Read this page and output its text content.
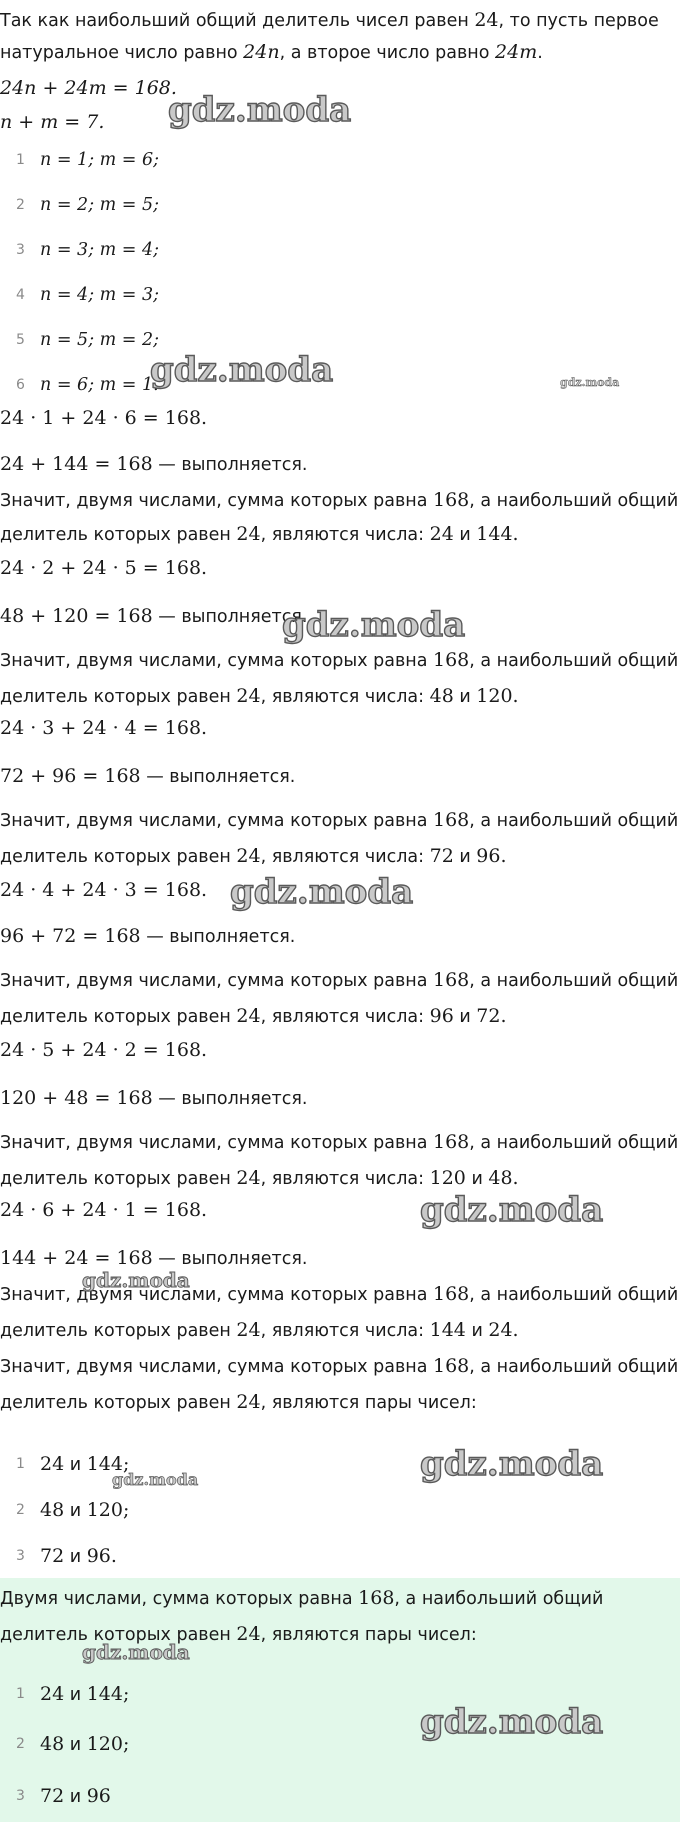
Так как наибольший общий делитель чисел равен 24, то пусть первое
натуральное число равно 24n, а второе число равно 24m.
24n + 24m = 168.
n + m = 7.
1 n = 1; m = 6;
2 n = 2; m = 5;
3 n = 3; m = 4;
4 n = 4; m = 3;
5 n = 5; m = 2;
6 n = 6; m = 1.
24 · 1 + 24 · 6 = 168.
24 + 144 = 168 — выполняется.
Значит, двумя числами, сумма которых равна 168, а наибольший общий
делитель которых равен 24, являются числа: 24 и 144.
24 · 2 + 24 · 5 = 168.
48 + 120 = 168 — выполняется.
Значит, двумя числами, сумма которых равна 168, а наибольший общий
делитель которых равен 24, являются числа: 48 и 120.
24 · 3 + 24 · 4 = 168.
72 + 96 = 168 — выполняется.
Значит, двумя числами, сумма которых равна 168, а наибольший общий
делитель которых равен 24, являются числа: 72 и 96.
24 · 4 + 24 · 3 = 168.
96 + 72 = 168 — выполняется.
Значит, двумя числами, сумма которых равна 168, а наибольший общий
делитель которых равен 24, являются числа: 96 и 72.
24 · 5 + 24 · 2 = 168.
120 + 48 = 168 — выполняется.
Значит, двумя числами, сумма которых равна 168, а наибольший общий
делитель которых равен 24, являются числа: 120 и 48.
24 · 6 + 24 · 1 = 168.
144 + 24 = 168 — выполняется.
Значит, двумя числами, сумма которых равна 168, а наибольший общий
делитель которых равен 24, являются числа: 144 и 24.
Значит, двумя числами, сумма которых равна 168, а наибольший общий
делитель которых равен 24, являются пары чисел:
1 24 и 144;
2 48 и 120;
3 72 и 96.
Двумя числами, сумма которых равна 168, а наибольший общий
делитель которых равен 24, являются пары чисел:
1 24 и 144;
2 48 и 120;
3 72 и 96
gdz.moda
gdz.moda	gdz.moda
gdz.moda
gdz.moda
gdz.moda
gdz.moda
gdz.moda
gdz.moda
gdz.moda
gdz.moda
